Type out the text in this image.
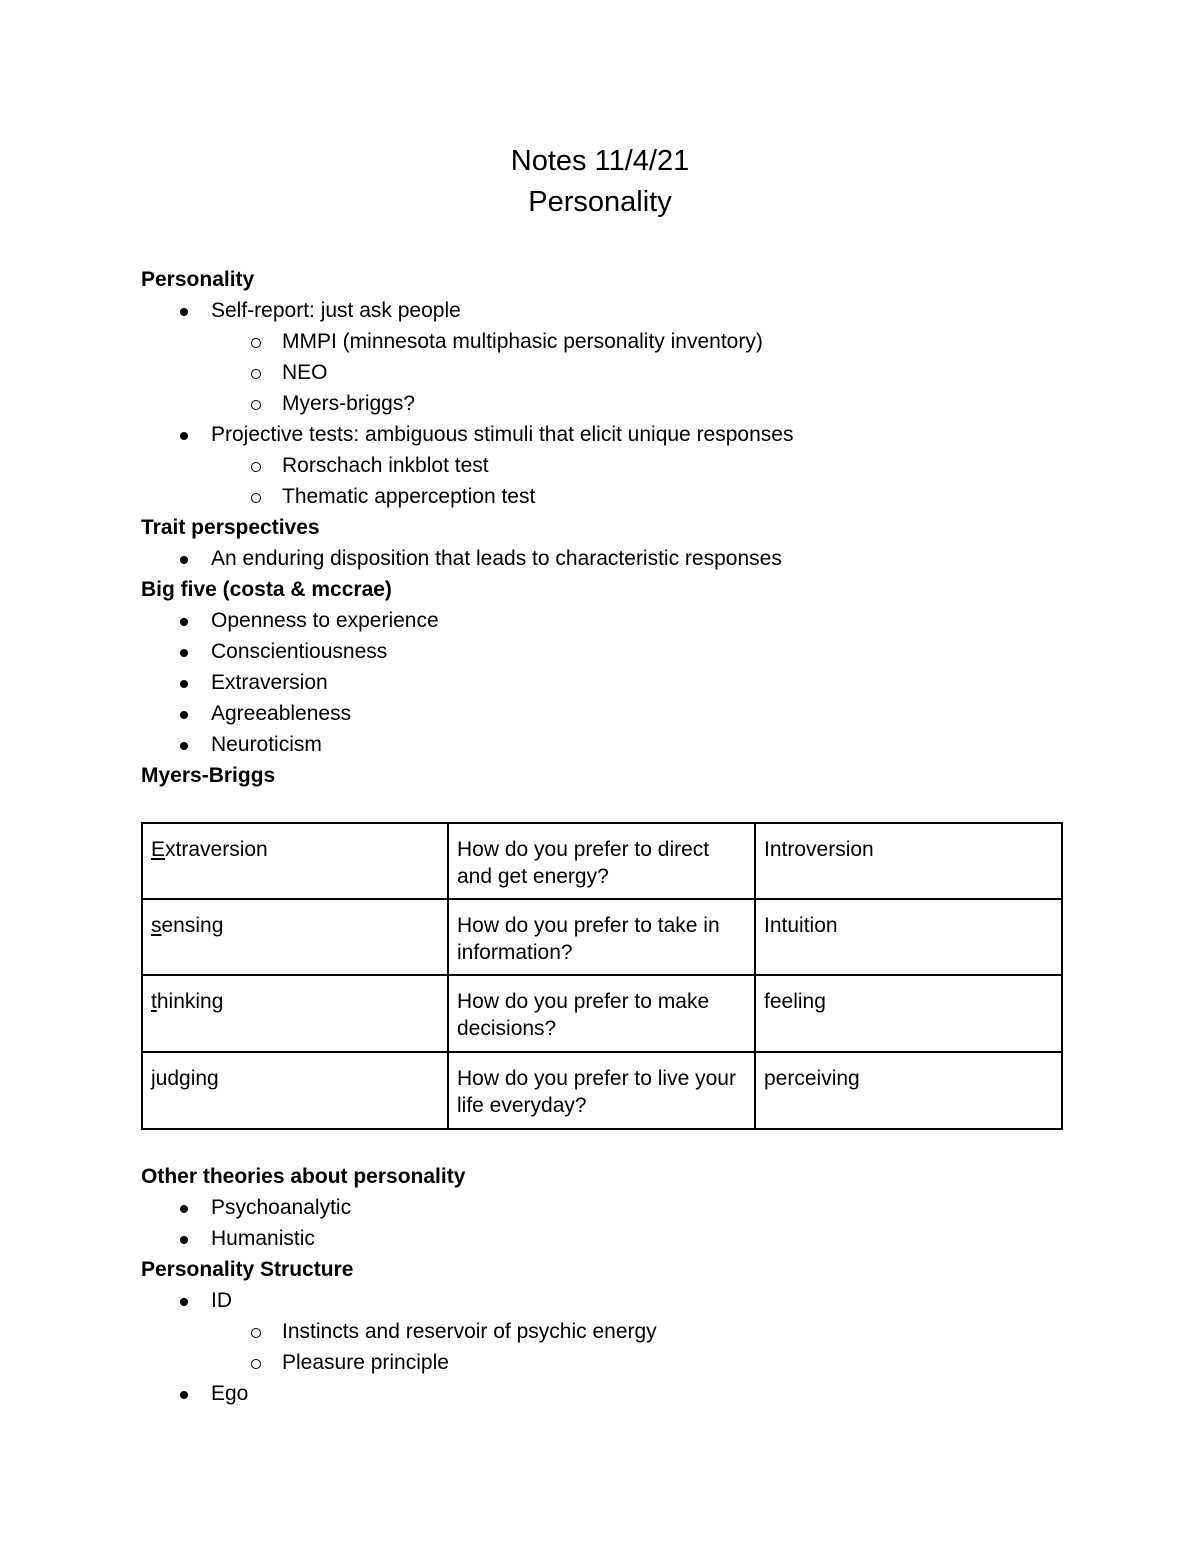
Notes 11/4/21
Personality
Personality
Self-report: just ask people
MMPI (minnesota multiphasic personality inventory)
NEO
Myers-briggs?
Projective tests: ambiguous stimuli that elicit unique responses
Rorschach inkblot test
Thematic apperception test
Trait perspectives
An enduring disposition that leads to characteristic responses
Big five (costa & mccrae)
Openness to experience
Conscientiousness
Extraversion
Agreeableness
Neuroticism
Myers-Briggs
Extraversion	How do you prefer to direct and get energy?	Introversion
sensing	How do you prefer to take in information?	Intuition
thinking	How do you prefer to make decisions?	feeling
judging	How do you prefer to live your life everyday?	perceiving
Other theories about personality
Psychoanalytic
Humanistic
Personality Structure
ID
Instincts and reservoir of psychic energy
Pleasure principle
Ego
